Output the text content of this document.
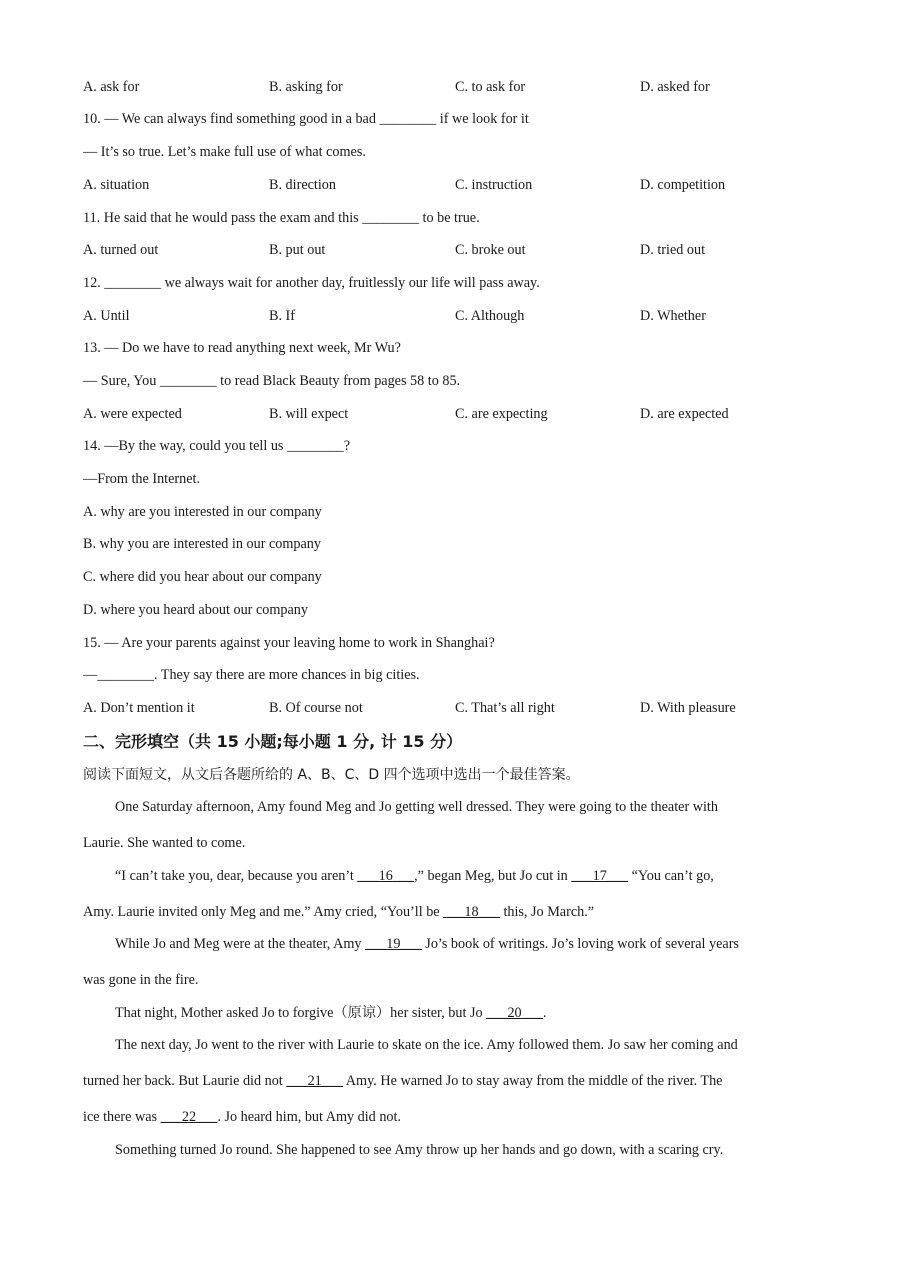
A. ask for	B. asking for	C. to ask for	D. asked for
10. — We can always find something good in a bad ________ if we look for it
— It’s so true. Let’s make full use of what comes.
A. situation	B. direction	C. instruction	D. competition
11. He said that he would pass the exam and this ________ to be true.
A. turned out	B. put out	C. broke out	D. tried out
12. ________ we always wait for another day, fruitlessly our life will pass away.
A. Until	B. If	C. Although	D. Whether
13. — Do we have to read anything next week, Mr Wu?
— Sure, You ________ to read Black Beauty from pages 58 to 85.
A. were expected	B. will expect	C. are expecting	D. are expected
14. —By the way, could you tell us ________?
—From the Internet.
A. why are you interested in our company
B. why you are interested in our company
C. where did you hear about our company
D. where you heard about our company
15. — Are your parents against your leaving home to work in Shanghai?
—________. They say there are more chances in big cities.
A. Don’t mention it	B. Of course not	C. That’s all right	D. With pleasure
二、完形填空（共 15 小题;每小题 1 分, 计 15 分）
阅读下面短文，从文后各题所给的 A、B、C、D 四个选项中选出一个最佳答案。
One Saturday afternoon, Amy found Meg and Jo getting well dressed. They were going to the theater with
Laurie. She wanted to come.
“I can’t take you, dear, because you aren’t ___16___,” began Meg, but Jo cut in ___17___ “You can’t go,
Amy. Laurie invited only Meg and me.” Amy cried, “You’ll be ___18___ this, Jo March.”
While Jo and Meg were at the theater, Amy ___19___ Jo’s book of writings. Jo’s loving work of several years
was gone in the fire.
That night, Mother asked Jo to forgive（原谅）her sister, but Jo ___20___.
The next day, Jo went to the river with Laurie to skate on the ice. Amy followed them. Jo saw her coming and
turned her back. But Laurie did not ___21___ Amy. He warned Jo to stay away from the middle of the river. The
ice there was ___22___. Jo heard him, but Amy did not.
Something turned Jo round. She happened to see Amy throw up her hands and go down, with a scaring cry.
